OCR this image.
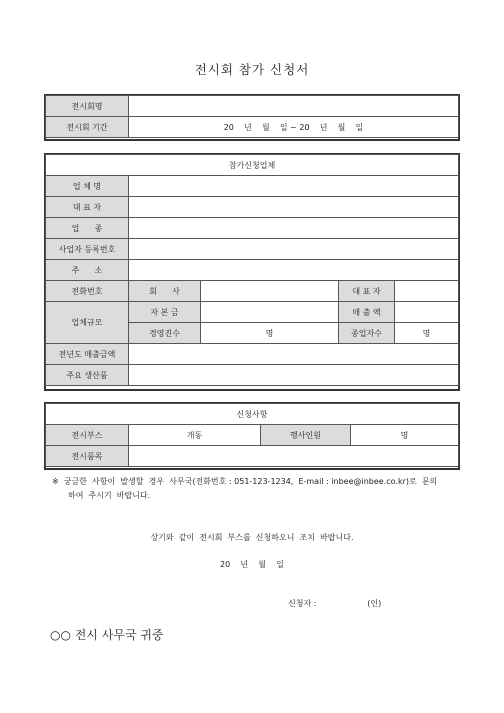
전시회 참가 신청서
전시회명	
전시회 기간	20    년    월    일 ~ 20    년    월    일
참가신청업체				
업 체 명				
대 표 자				
업      종				
사업자 등록번호				
주      소				
전화번호	회      사		대 표 자	
업체규모	자 본 금		매 출 액	
	경영진수	명	종업자수	명
전년도 매출금액				
주요 생산품				
신청사항			
전시부스	개동	행사인원	명
전시품목			
※  궁금한  사항이  발생할  경우  사무국(전화번호 : 051-123-1234,  E-mail : inbee@inbee.co.kr)로  문의
하여  주시기  바랍니다.
상기와  같이  전시회  부스를  신청하오니  조치  바랍니다.
20    년    월    일
신청자 :                    (인)
○○ 전시 사무국 귀중
